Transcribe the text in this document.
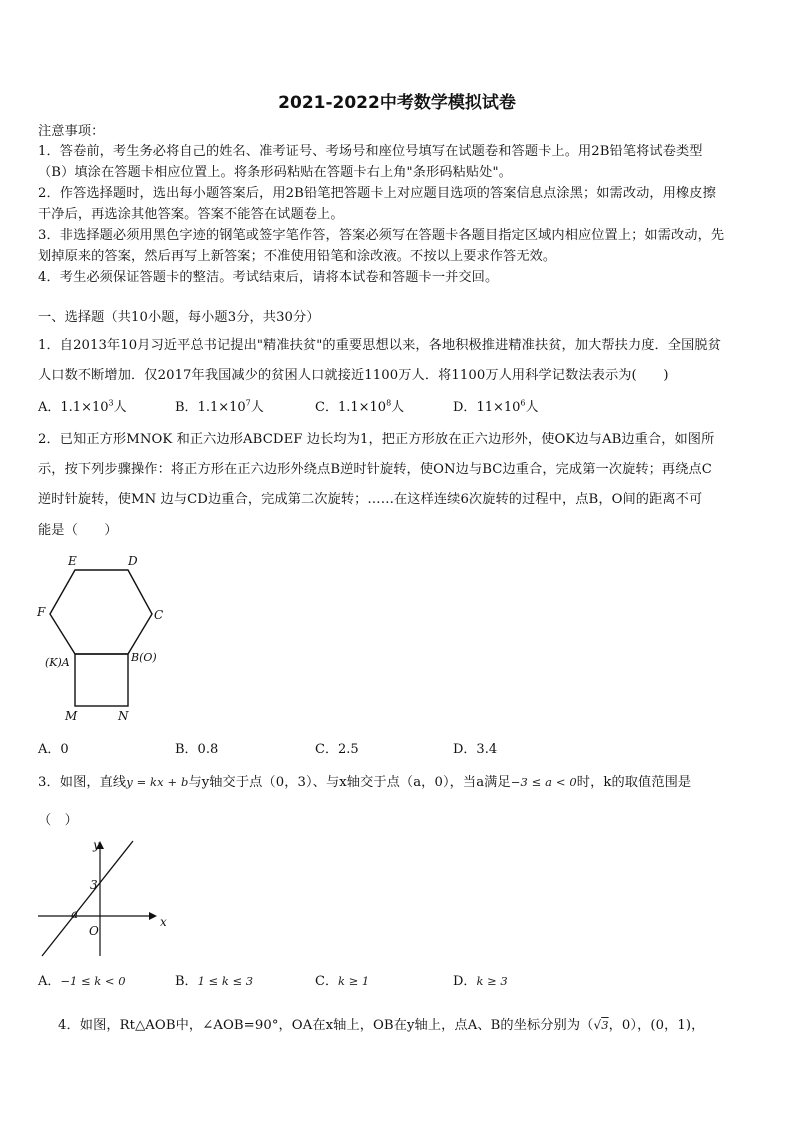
2021-2022中考数学模拟试卷
注意事项：
1．答卷前，考生务必将自己的姓名、准考证号、考场号和座位号填写在试题卷和答题卡上。用2B铅笔将试卷类型
（B）填涂在答题卡相应位置上。将条形码粘贴在答题卡右上角"条形码粘贴处"。
2．作答选择题时，选出每小题答案后，用2B铅笔把答题卡上对应题目选项的答案信息点涂黑；如需改动，用橡皮擦
干净后，再选涂其他答案。答案不能答在试题卷上。
3．非选择题必须用黑色字迹的钢笔或签字笔作答，答案必须写在答题卡各题目指定区域内相应位置上；如需改动，先
划掉原来的答案，然后再写上新答案；不准使用铅笔和涂改液。不按以上要求作答无效。
4．考生必须保证答题卡的整洁。考试结束后，请将本试卷和答题卡一并交回。
一、选择题（共10小题，每小题3分，共30分）
1．自2013年10月习近平总书记提出"精准扶贫"的重要思想以来，各地积极推进精准扶贫，加大帮扶力度．全国脱贫
人口数不断增加．仅2017年我国减少的贫困人口就接近1100万人．将1100万人用科学记数法表示为(　　)
A．$1.1\times 10^3$人	B．$1.1\times 10^7$人	C．$1.1\times 10^8$人	D．$11\times 10^6$人
2．已知正方形MNOK 和正六边形ABCDEF 边长均为1，把正方形放在正六边形外，使OK边与AB边重合，如图所
示，按下列步骤操作：将正方形在正六边形外绕点B逆时针旋转，使ON边与BC边重合，完成第一次旋转；再绕点C
逆时针旋转，使MN 边与CD边重合，完成第二次旋转；……在这样连续6次旋转的过程中，点B，O间的距离不可
能是（　　）
E	D
F	C
(K)A	B(O)
M	N
A．0	B．0.8	C．2.5	D．3.4
3．如图，直线𝑦 = 𝑘𝑥 + 𝑏与y轴交于点（0，3）、与x轴交于点（a，0），当a满足−3 ≤ 𝑎 < 0时，k的取值范围是
（　）
y
x
3
a
O
A．−1 ≤ 𝑘 < 0	B．1 ≤ 𝑘 ≤ 3	C．𝑘 ≥ 1	D．𝑘 ≥ 3
4．如图，Rt△AOB中，∠AOB=90°，OA在x轴上，OB在y轴上，点A、B的坐标分别为（√3，0），(0，1)，
